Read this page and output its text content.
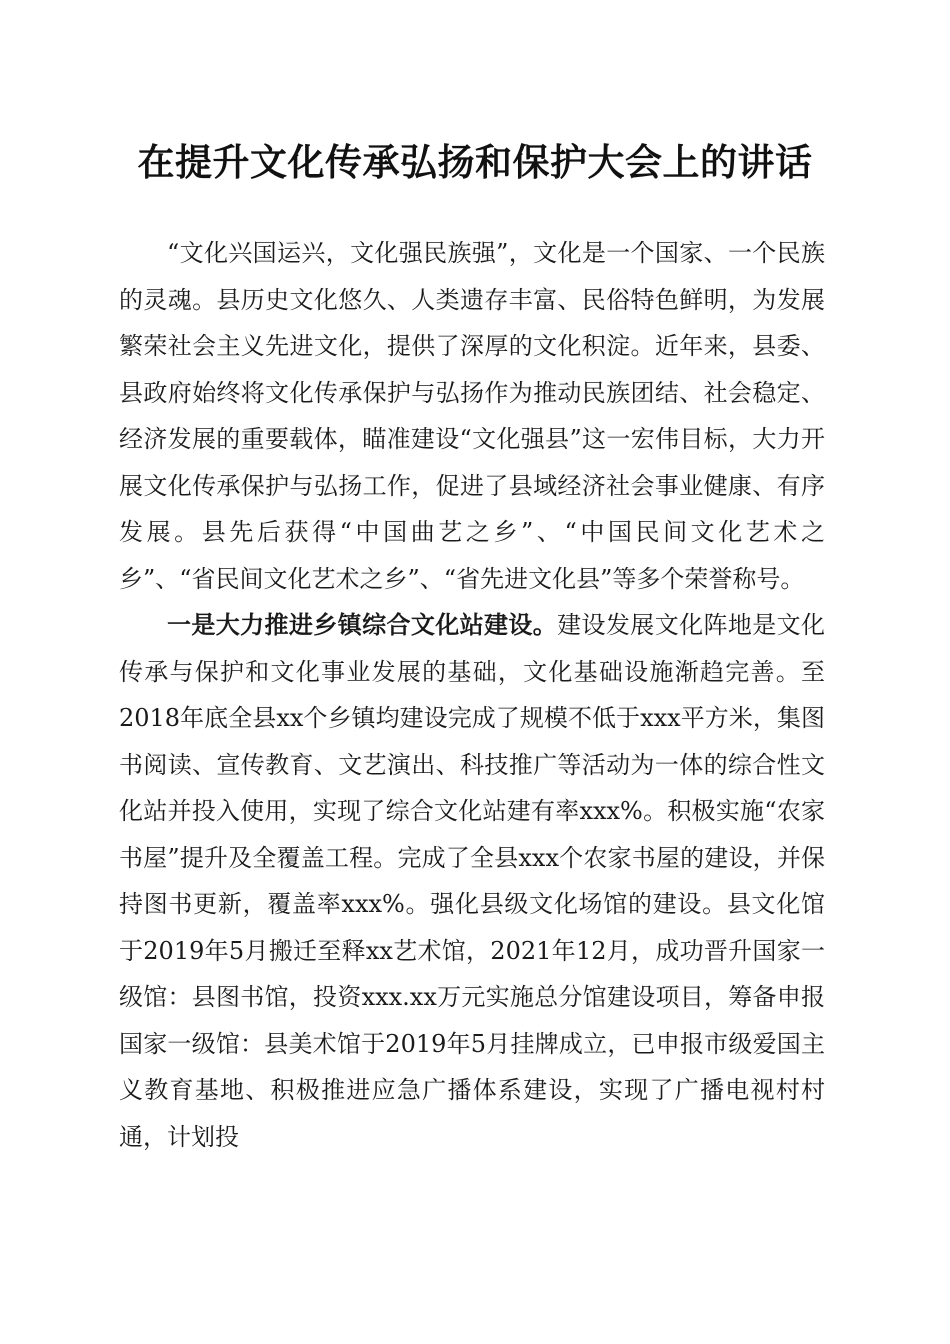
在提升文化传承弘扬和保护大会上的讲话

“文化兴国运兴，文化强民族强”，文化是一个国家、一个民族的灵魂。县历史文化悠久、人类遗存丰富、民俗特色鲜明，为发展繁荣社会主义先进文化，提供了深厚的文化积淀。近年来，县委、县政府始终将文化传承保护与弘扬作为推动民族团结、社会稳定、经济发展的重要载体，瞄准建设“文化强县”这一宏伟目标，大力开展文化传承保护与弘扬工作，促进了县域经济社会事业健康、有序发展。县先后获得“中国曲艺之乡”、“中国民间文化艺术之乡”、“省民间文化艺术之乡”、“省先进文化县”等多个荣誉称号。

一是大力推进乡镇综合文化站建设。建设发展文化阵地是文化传承与保护和文化事业发展的基础，文化基础设施渐趋完善。至2018年底全县xx个乡镇均建设完成了规模不低于xxx平方米，集图书阅读、宣传教育、文艺演出、科技推广等活动为一体的综合性文化站并投入使用，实现了综合文化站建有率xxx%。积极实施“农家书屋”提升及全覆盖工程。完成了全县xxx个农家书屋的建设，并保持图书更新，覆盖率xxx%。强化县级文化场馆的建设。县文化馆于2019年5月搬迁至释xx艺术馆，2021年12月，成功晋升国家一级馆：县图书馆，投资xxx.xx万元实施总分馆建设项目，筹备申报国家一级馆：县美术馆于2019年5月挂牌成立，已申报市级爱国主义教育基地、积极推进应急广播体系建设，实现了广播电视村村通，计划投
